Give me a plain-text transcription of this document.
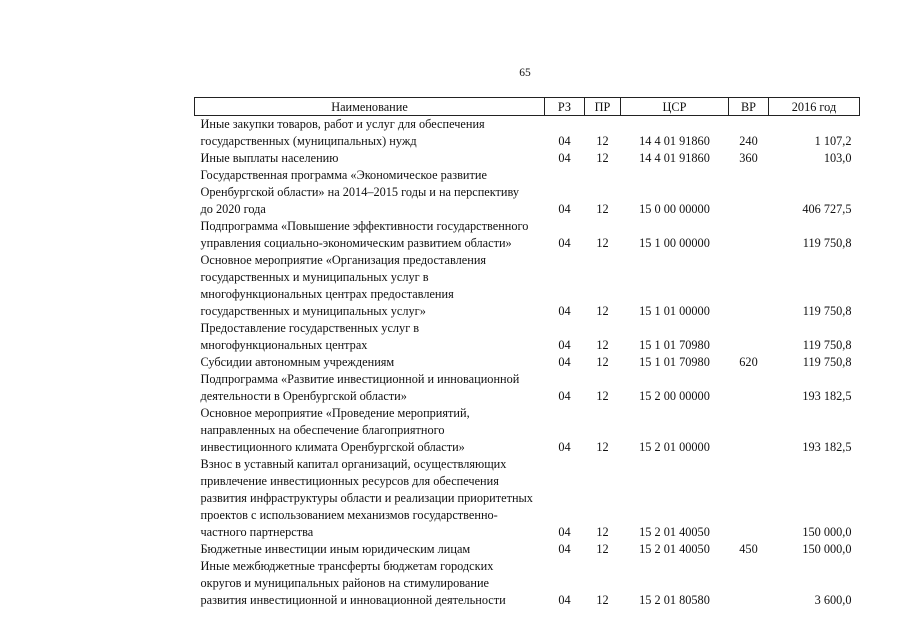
65
Наименование	РЗ	ПР	ЦСР	ВР	2016 год

Иные закупки товаров, работ и услуг для обеспечения
государственных (муниципальных) нужд	04	12	14 4 01 91860	240	1 107,2

Иные выплаты населению	04	12	14 4 01 91860	360	103,0

Государственная программа «Экономическое развитие
Оренбургской области» на 2014–2015 годы и на перспективу
до 2020 года	04	12	15 0 00 00000		406 727,5

Подпрограмма «Повышение эффективности государственного
управления социально-экономическим развитием области»	04	12	15 1 00 00000		119 750,8

Основное мероприятие «Организация предоставления
государственных и муниципальных услуг в
многофункциональных центрах предоставления
государственных и муниципальных услуг»	04	12	15 1 01 00000		119 750,8

Предоставление государственных услуг в
многофункциональных центрах	04	12	15 1 01 70980		119 750,8

Субсидии автономным учреждениям	04	12	15 1 01 70980	620	119 750,8

Подпрограмма «Развитие инвестиционной и инновационной
деятельности в Оренбургской области»	04	12	15 2 00 00000		193 182,5

Основное мероприятие «Проведение мероприятий,
направленных на обеспечение благоприятного
инвестиционного климата Оренбургской области»	04	12	15 2 01 00000		193 182,5

Взнос в уставный капитал организаций, осуществляющих
привлечение инвестиционных ресурсов для обеспечения
развития инфраструктуры области и реализации приоритетных
проектов с использованием механизмов государственно-
частного партнерства	04	12	15 2 01 40050		150 000,0

Бюджетные инвестиции иным юридическим лицам	04	12	15 2 01 40050	450	150 000,0

Иные межбюджетные трансферты бюджетам городских
округов и муниципальных районов на стимулирование
развития инвестиционной и инновационной деятельности	04	12	15 2 01 80580		3 600,0
